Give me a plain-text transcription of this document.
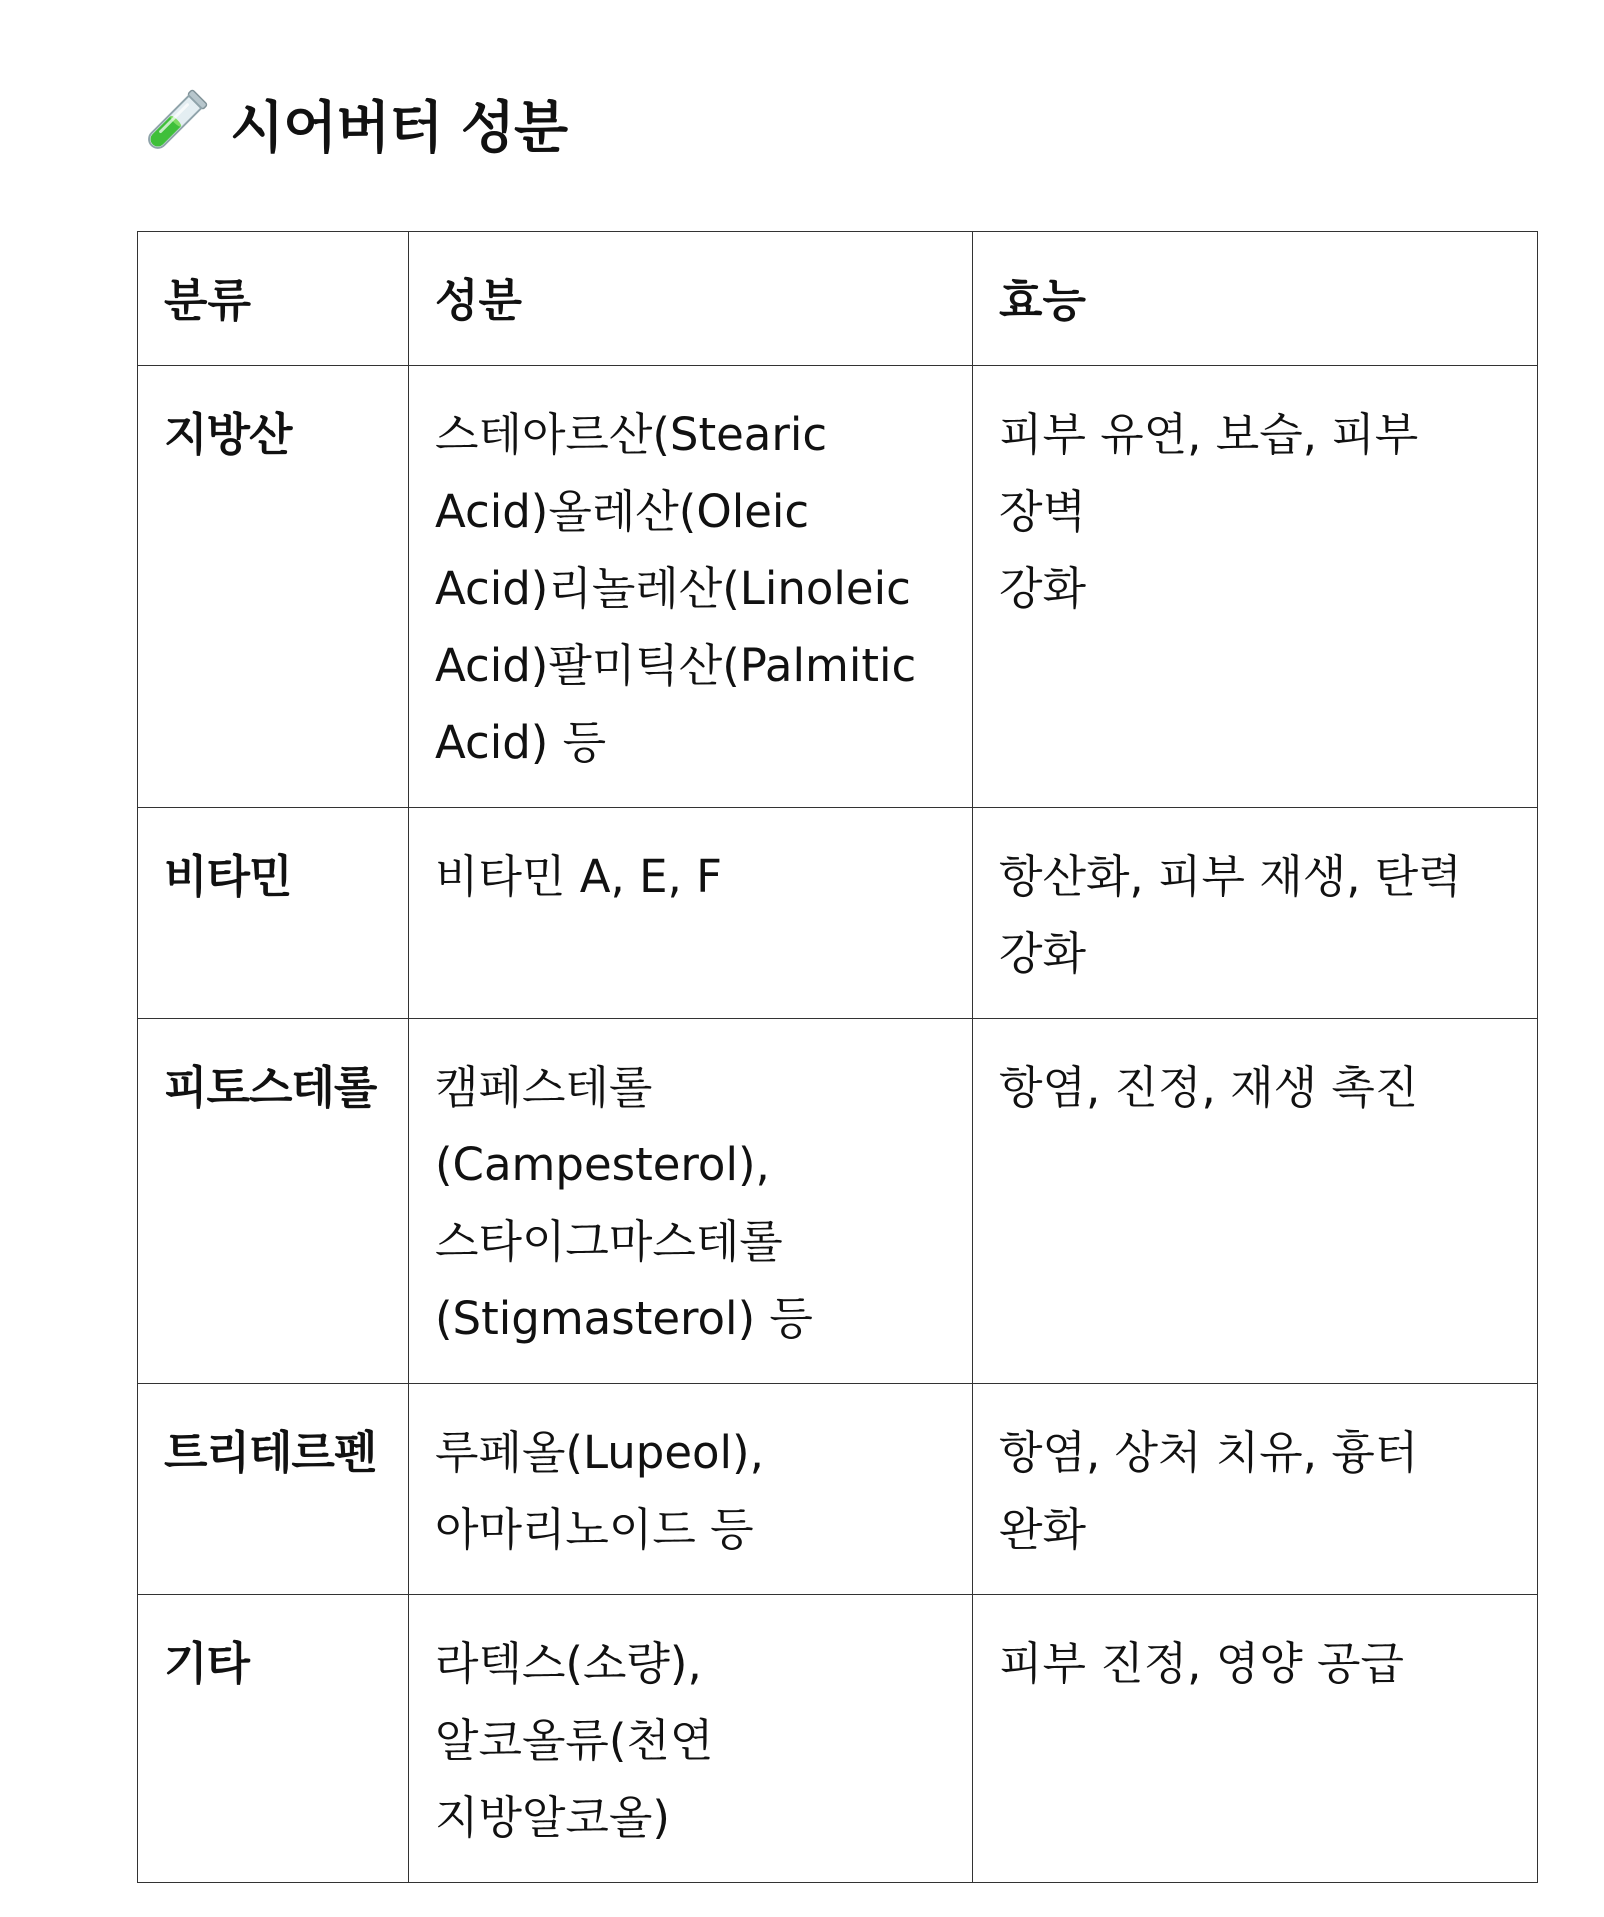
시어버터 성분
분류	성분	효능
지방산	스테아르산(Stearic
Acid)올레산(Oleic
Acid)리놀레산(Linoleic
Acid)팔미틱산(Palmitic
Acid) 등	피부 유연, 보습, 피부 장벽
강화

비타민	비타민 A, E, F	항산화, 피부 재생, 탄력
강화

피토스테롤	캠페스테롤
(Campesterol),
스타이그마스테롤
(Stigmasterol) 등	항염, 진정, 재생 촉진

트리테르펜	루페올(Lupeol),
아마리노이드 등	항염, 상처 치유, 흉터 완화

기타	라텍스(소량),
알코올류(천연
지방알코올)	피부 진정, 영양 공급
